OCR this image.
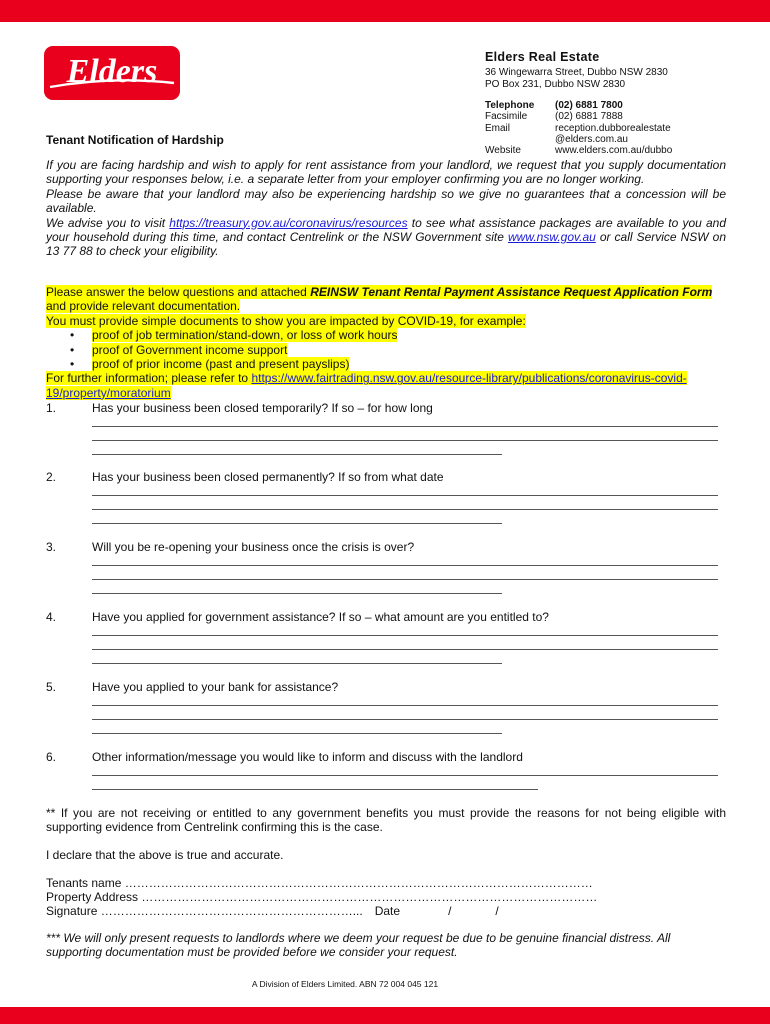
Elders	Elders Real Estate
36 Wingewarra Street, Dubbo NSW 2830
PO Box 231, Dubbo NSW 2830
Telephone	(02) 6881 7800
Facsimile	(02) 6881 7888
Email	reception.dubborealestate
@elders.com.au
Website	www.elders.com.au/dubbo
Tenant Notification of Hardship

If you are facing hardship and wish to apply for rent assistance from your landlord, we request that you supply documentation supporting your responses below, i.e. a separate letter from your employer confirming you are no longer working.

Please be aware that your landlord may also be experiencing hardship so we give no guarantees that a concession will be available.

We advise you to visit https://treasury.gov.au/coronavirus/resources to see what assistance packages are available to you and your household during this time, and contact Centrelink or the NSW Government site www.nsw.gov.au or call Service NSW on 13 77 88 to check your eligibility.

Please answer the below questions and attached REINSW Tenant Rental Payment Assistance Request Application Form and provide relevant documentation.
You must provide simple documents to show you are impacted by COVID-19, for example:
• proof of job termination/stand-down, or loss of work hours
• proof of Government income support
• proof of prior income (past and present payslips)
For further information; please refer to https://www.fairtrading.nsw.gov.au/resource-library/publications/coronavirus-covid-19/property/moratorium
1.	Has your business been closed temporarily? If so – for how long
2.	Has your business been closed permanently? If so from what date
3.	Will you be re-opening your business once the crisis is over?
4.	Have you applied for government assistance? If so – what amount are you entitled to?
5.	Have you applied to your bank for assistance?
6.	Other information/message you would like to inform and discuss with the landlord
** If you are not receiving or entitled to any government benefits you must provide the reasons for not being eligible with supporting evidence from Centrelink confirming this is the case.
I declare that the above is true and accurate.
Tenants name ………………………………………………………………………………………………………
Property Address ……………………………………………………………………………………………………
Signature ………………………………………………………... Date	/	/
*** We will only present requests to landlords where we deem your request be due to be genuine financial distress. All supporting documentation must be provided before we consider your request.
A Division of Elders Limited. ABN 72 004 045 121
